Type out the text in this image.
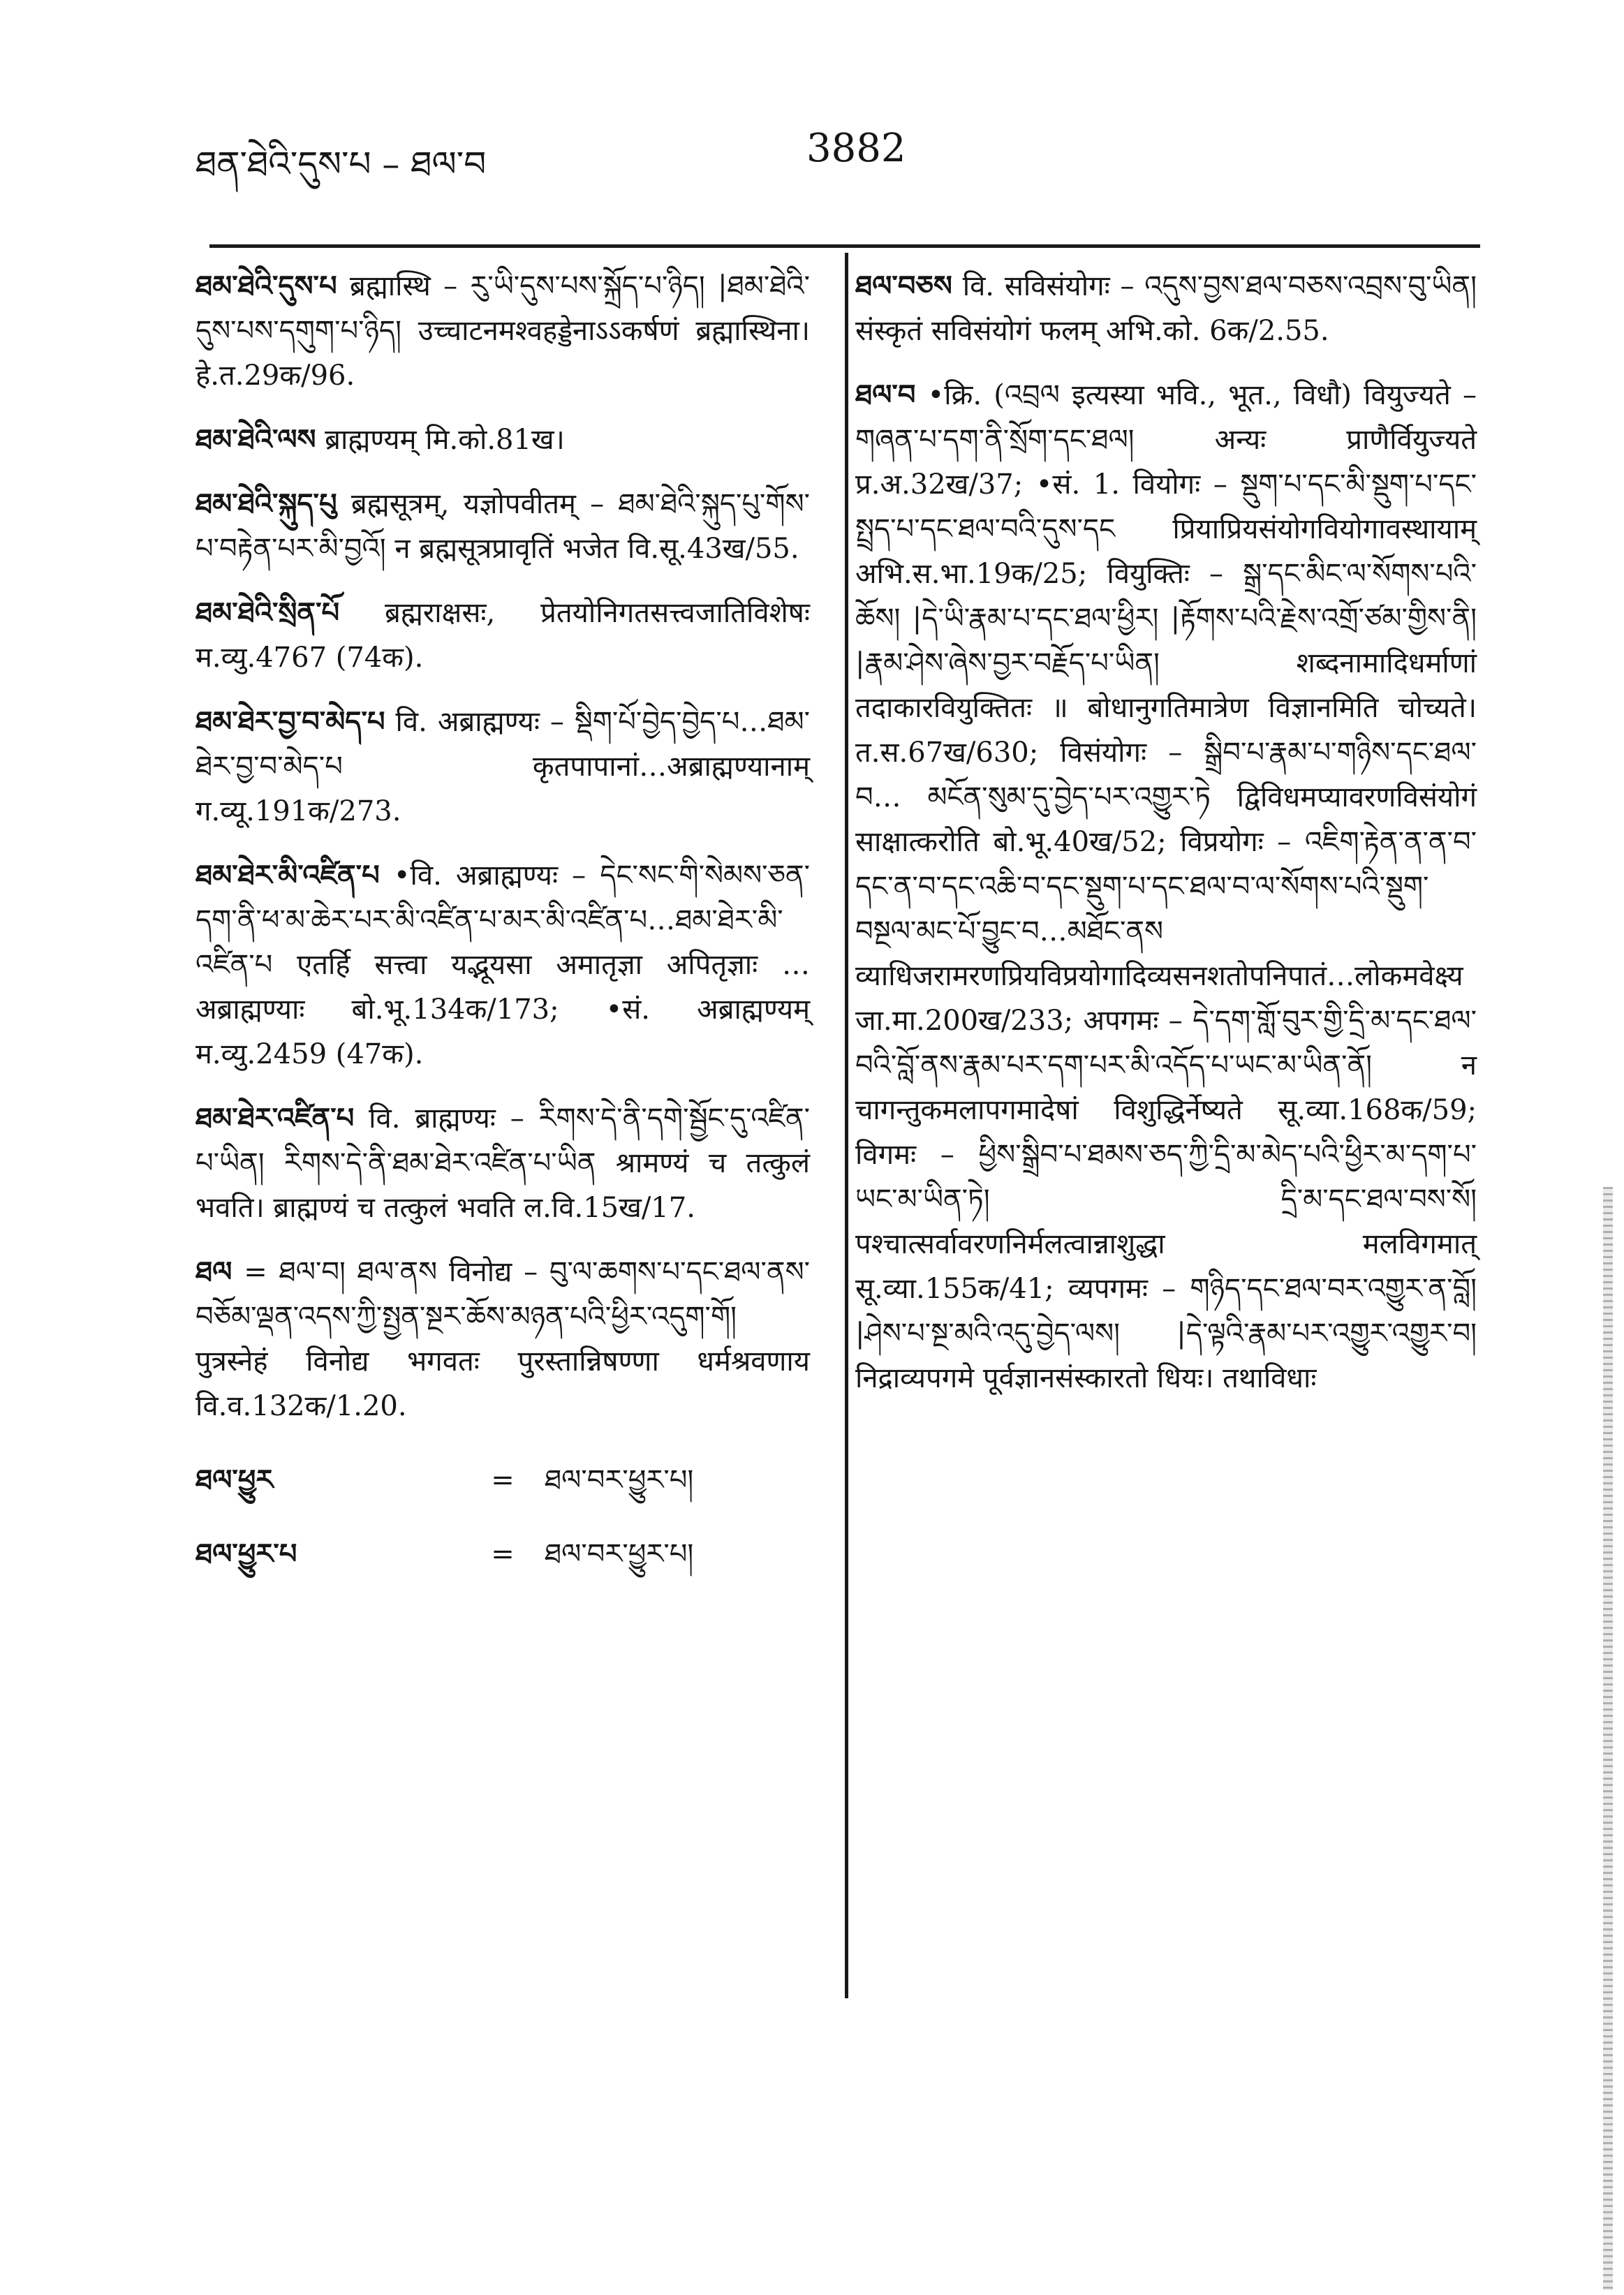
ཐན་ཐེའི་དུས་པ – ཐལ་བ	3882

ཐམ་ཐེའི་དུས་པ ब्रह्मास्थि – རུ་ཡི་དུས་པས་སྐྲོད་པ་ཉིད། |ཐམ་ཐེའི་དུས་པས་དགུག་པ་ཉིད། उच्चाटनमश्वहड्डेनाऽऽकर्षणं ब्रह्मास्थिना। हे.त.29क/96.

ཐམ་ཐེའི་ལས ब्राह्मण्यम् मि.को.81ख।

ཐམ་ཐེའི་སྐུད་པུ ब्रह्मसूत्रम्, यज्ञोपवीतम् – ཐམ་ཐེའི་སྐུད་པུ་གོས་པ་བརྟེན་པར་མི་བྱའོ། न ब्रह्मसूत्रप्रावृतिं भजेत वि.सू.43ख/55.

ཐམ་ཐེའི་སྲིན་པོ ब्रह्मराक्षसः, प्रेतयोनिगतसत्त्वजातिविशेषः म.व्यु.4767 (74क).

ཐམ་ཐེར་བྱ་བ་མེད་པ वि. अब्राह्मण्यः – སྡིག་པོ་བྱེད་བྱེད་པ…ཐམ་ཐེར་བྱ་བ་མེད་པ कृतपापानां…अब्राह्मण्यानाम् ग.व्यू.191क/273.

ཐམ་ཐེར་མི་འཛིན་པ •वि. अब्राह्मण्यः – དེང་སང་གི་སེམས་ཅན་དག་ནི་ཕ་མ་ཆེར་པར་མི་འཛིན་པ་མར་མི་འཛིན་པ…ཐམ་ཐེར་མི་འཛིན་པ एतर्हि सत्त्वा यद्भूयसा अमातृज्ञा अपितृज्ञाः … अब्राह्मण्याः बो.भू.134क/173; •सं. अब्राह्मण्यम् म.व्यु.2459 (47क).

ཐམ་ཐེར་འཛིན་པ वि. ब्राह्मण्यः – རིགས་དེ་ནི་དགེ་སྦྱོང་དུ་འཛིན་པ་ཡིན། རིགས་དེ་ནི་ཐམ་ཐེར་འཛིན་པ་ཡིན श्रामण्यं च तत्कुलं भवति। ब्राह्मण्यं च तत्कुलं भवति ल.वि.15ख/17.

ཐལ = ཐལ་བ། ཐལ་ནས विनोद्य – བུ་ལ་ཆགས་པ་དང་ཐལ་ནས་བཅོམ་ལྡན་འདས་ཀྱི་སྤྱན་སྔར་ཆོས་མཉན་པའི་ཕྱིར་འདུག་གོ། पुत्रस्नेहं विनोद्य भगवतः पुरस्तान्निषण्णा धर्मश्रवणाय वि.व.132क/1.20.

ཐལ་ཕྱུར	=	ཐལ་བར་ཕྱུར་པ།
ཐལ་ཕྱུར་པ	=	ཐལ་བར་ཕྱུར་པ།

ཐལ་བཅས वि. सविसंयोगः – འདུས་བྱས་ཐལ་བཅས་འབྲས་བུ་ཡིན། संस्कृतं सविसंयोगं फलम् अभि.को. 6क/2.55.

ཐལ་བ •क्रि. (འབྲལ इत्यस्या भवि., भूत., विधौ) वियुज्यते – གཞན་པ་དག་ནི་སྲོག་དང་ཐལ། अन्यः प्राणैर्वियुज्यते प्र.अ.32ख/37; •सं. 1. वियोगः – སྡུག་པ་དང་མི་སྡུག་པ་དང་སྤྲད་པ་དང་ཐལ་བའི་དུས་དང प्रियाप्रियसंयोगवियोगावस्थायाम् अभि.स.भा.19क/25; वियुक्तिः – སྒྲ་དང་མིང་ལ་སོགས་པའི་ཆོས། |དེ་ཡི་རྣམ་པ་དང་ཐལ་ཕྱིར། |རྟོགས་པའི་རྗེས་འགྲོ་ཙམ་གྱིས་ནི། |རྣམ་ཤེས་ཞེས་བྱར་བརྗོད་པ་ཡིན། शब्दनामादिधर्माणां तदाकारवियुक्तितः ॥ बोधानुगतिमात्रेण विज्ञानमिति चोच्यते। त.स.67ख/630; विसंयोगः – སྒྲིབ་པ་རྣམ་པ་གཉིས་དང་ཐལ་བ… མངོན་སུམ་དུ་བྱེད་པར་འགྱུར་ཏེ द्विविधमप्यावरणविसंयोगं साक्षात्करोति बो.भू.40ख/52; विप्रयोगः – འཇིག་རྟེན་ན་ན་བ་དང་ན་བ་དང་འཆི་བ་དང་སྡུག་པ་དང་ཐལ་བ་ལ་སོགས་པའི་སྡུག་བསྔལ་མང་པོ་བྱུང་བ…མཐོང་ནས व्याधिजरामरणप्रियविप्रयोगादिव्यसनशतोपनिपातं…लोकमवेक्ष्य जा.मा.200ख/233; अपगमः – དེ་དག་གློ་བུར་གྱི་དྲི་མ་དང་ཐལ་བའི་བློ་ནས་རྣམ་པར་དག་པར་མི་འདོད་པ་ཡང་མ་ཡིན་ནོ། न चागन्तुकमलापगमादेषां विशुद्धिर्नेष्यते सू.व्या.168क/59; विगमः – ཕྱིས་སྒྲིབ་པ་ཐམས་ཅད་ཀྱི་དྲི་མ་མེད་པའི་ཕྱིར་མ་དག་པ་ཡང་མ་ཡིན་ཏེ། དྲི་མ་དང་ཐལ་བས་སོ། पश्चात्सर्वावरणनिर्मलत्वान्नाशुद्धा मलविगमात् सू.व्या.155क/41; व्यपगमः – གཉིད་དང་ཐལ་བར་འགྱུར་ན་བློ། |ཤེས་པ་སྔ་མའི་འདུ་བྱེད་ལས། |དེ་ལྟའི་རྣམ་པར་འགྱུར་འགྱུར་བ། निद्राव्यपगमे पूर्वज्ञानसंस्कारतो धियः। तथाविधाः
